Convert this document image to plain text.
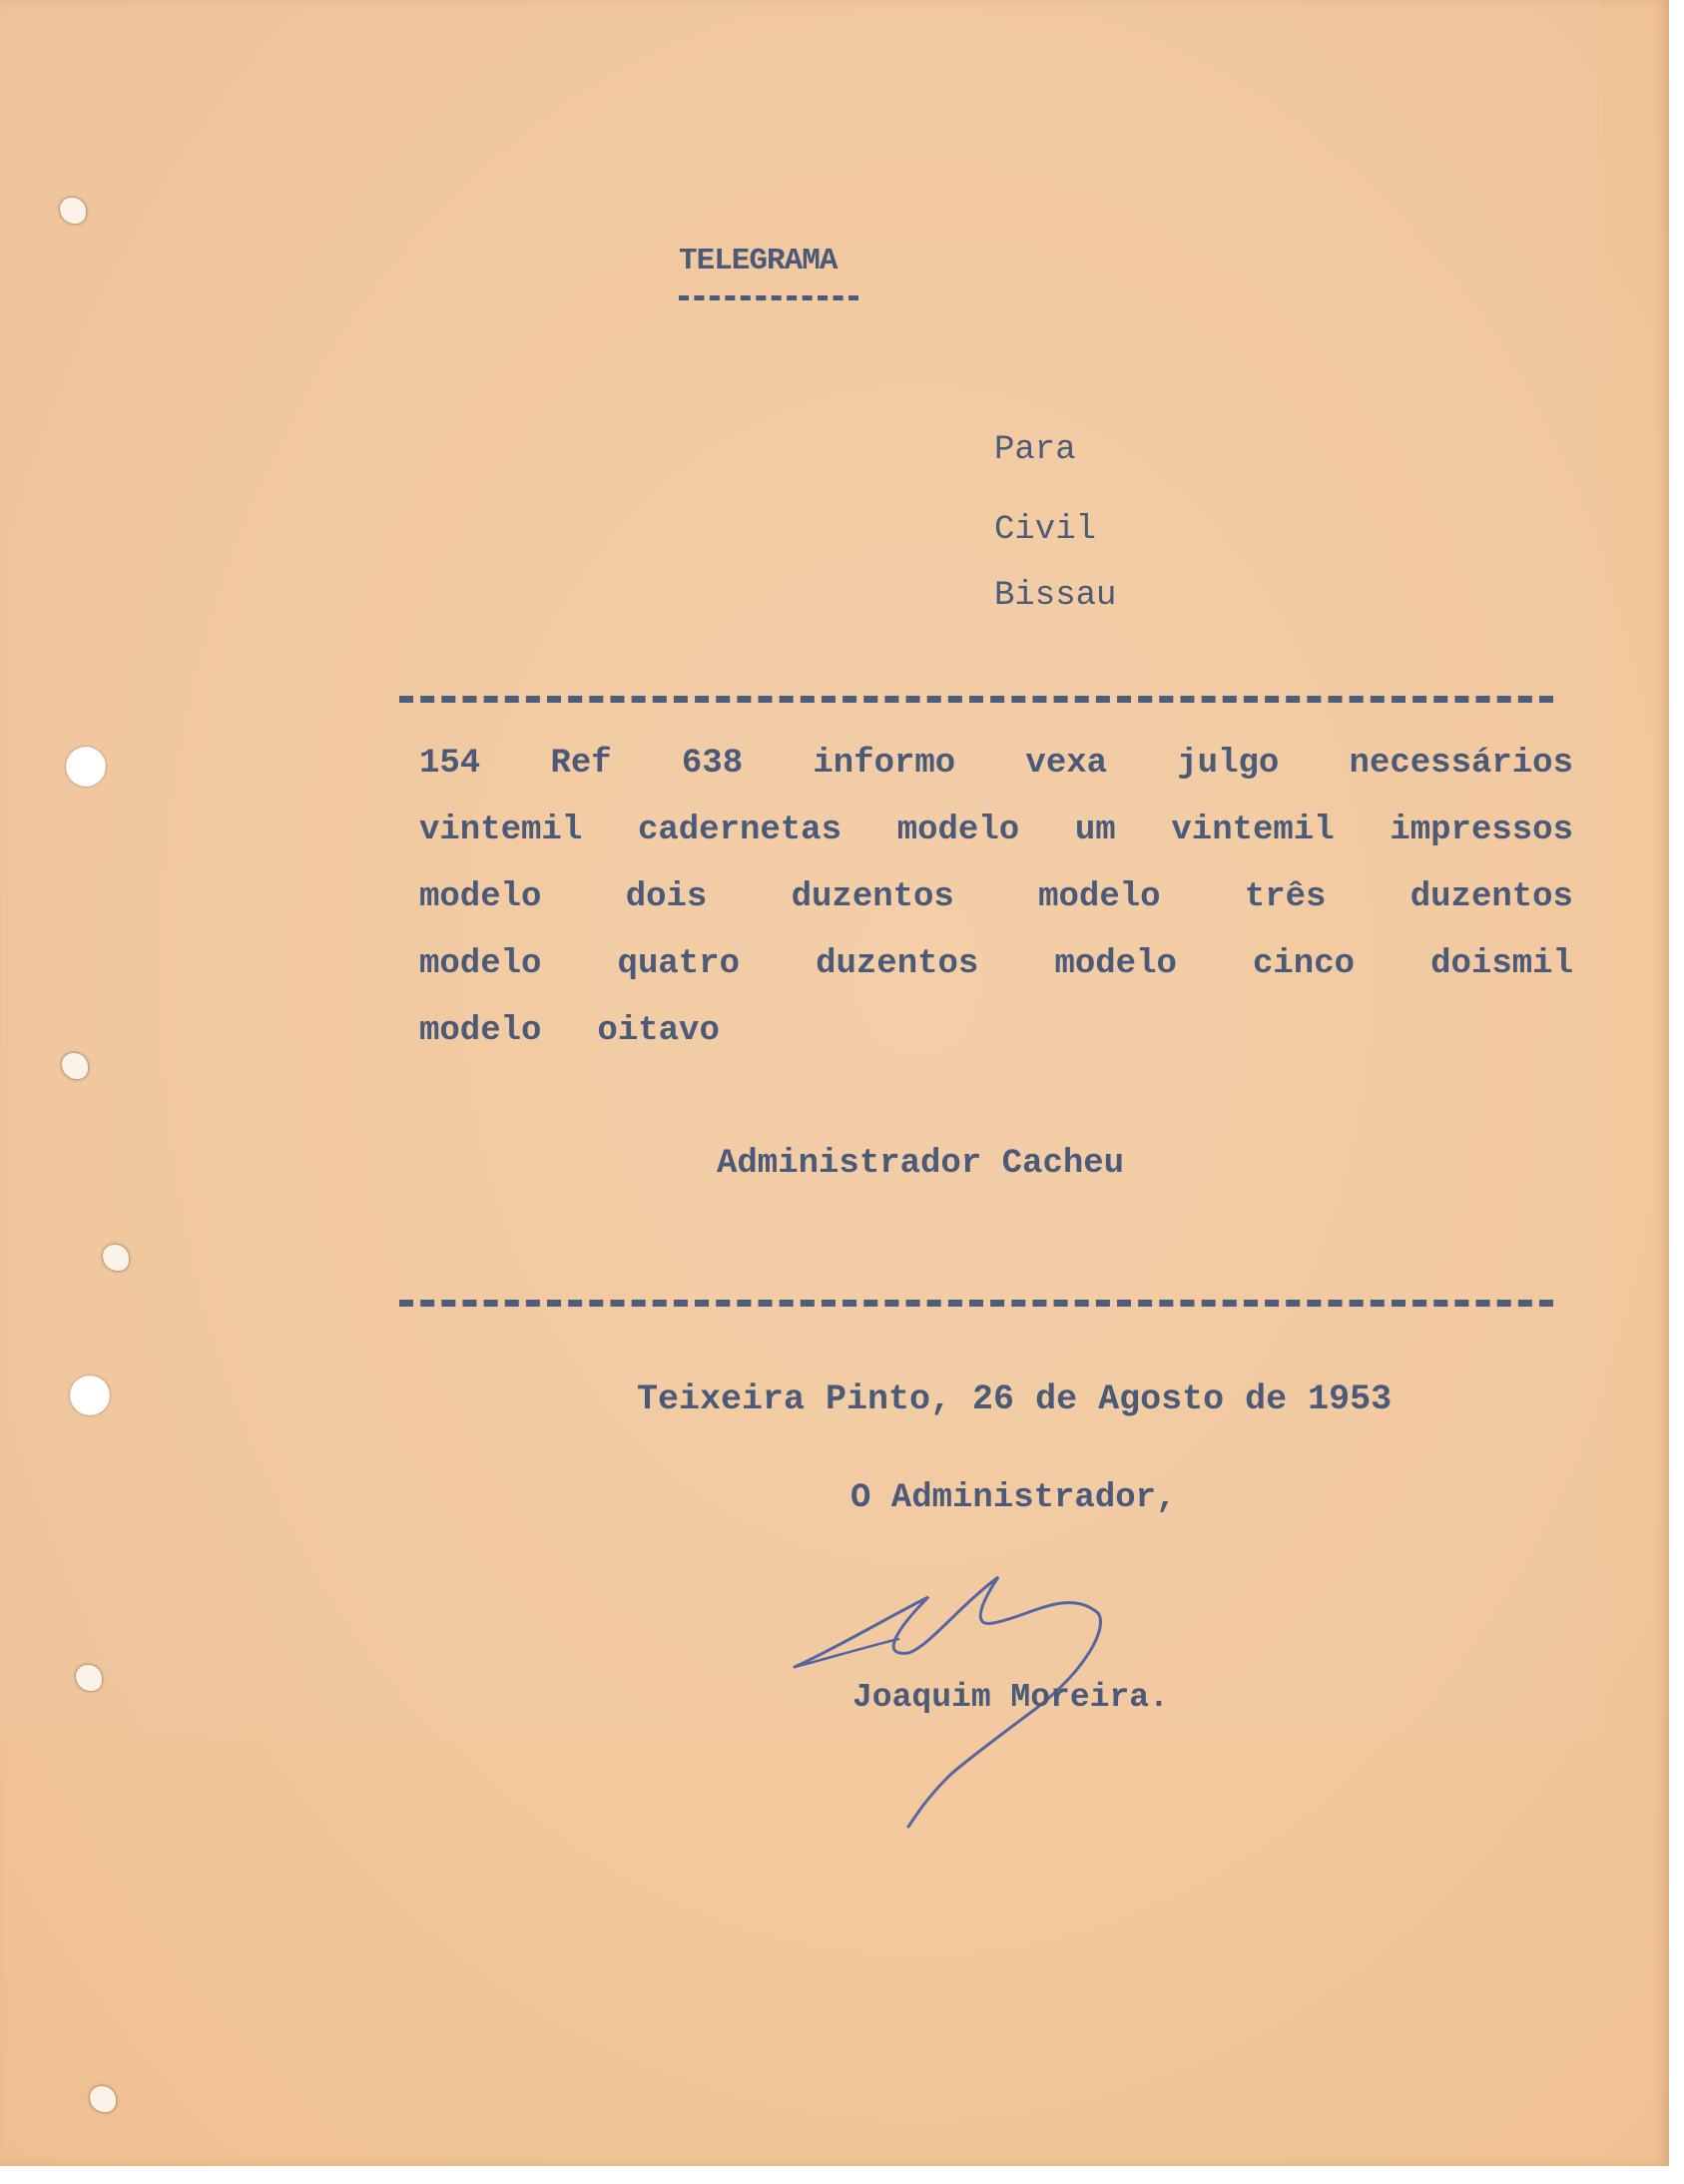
TELEGRAMA
Para
Civil
Bissau
154 Ref 638 informo vexa julgo necessários
vintemil cadernetas modelo um vintemil impressos
modelo dois duzentos modelo três duzentos
modelo quatro duzentos modelo cinco doismil
modelo oitavo
Administrador Cacheu
Teixeira Pinto, 26 de Agosto de 1953
O Administrador,
Joaquim Moreira.
